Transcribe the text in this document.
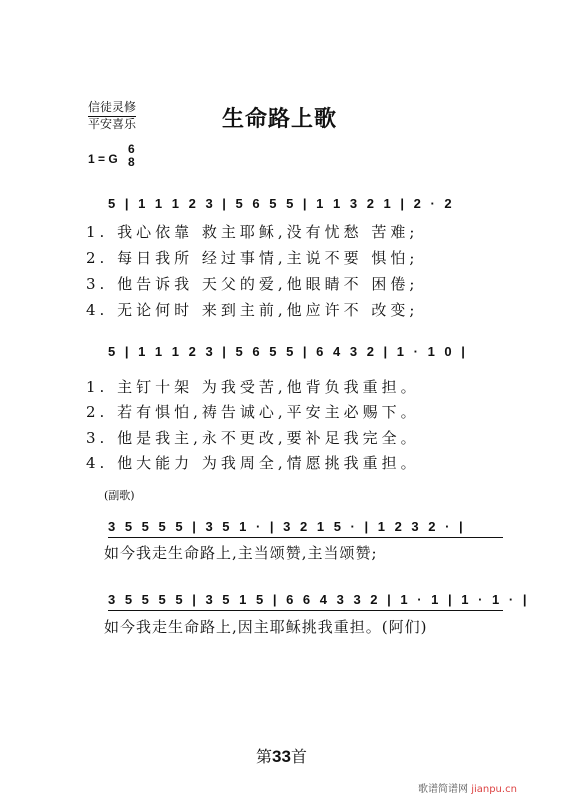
信徒灵修
平安喜乐	生命路上歌
1 = G
6
8
5 | 1 1 1 2 3 | 5 6 5 5 | 1 1 3 2 1 | 2 · 2
1. 我心依靠 救主耶稣,没有忧愁 苦难;
2. 每日我所 经过事情,主说不要 惧怕;
3. 他告诉我 天父的爱,他眼睛不 困倦;
4. 无论何时 来到主前,他应许不 改变;
5 | 1 1 1 2 3 | 5 6 5 5 | 6 4 3 2 | 1 · 1 0 |
1. 主钉十架 为我受苦,他背负我重担。
2. 若有惧怕,祷告诚心,平安主必赐下。
3. 他是我主,永不更改,要补足我完全。
4. 他大能力 为我周全,情愿挑我重担。
(副歌)
3 5 5 5 5 | 3 5 1 · | 3 2 1 5 · | 1 2 3 2 · |
如今我走生命路上,主当颂赞,主当颂赞;
3 5 5 5 5 | 3 5 1 5 | 6 6 4 3 3 2 | 1 · 1 | 1 · 1 · |
如今我走生命路上,因主耶稣挑我重担。(阿们)
第33首
歌谱简谱网 jianpu.cn
